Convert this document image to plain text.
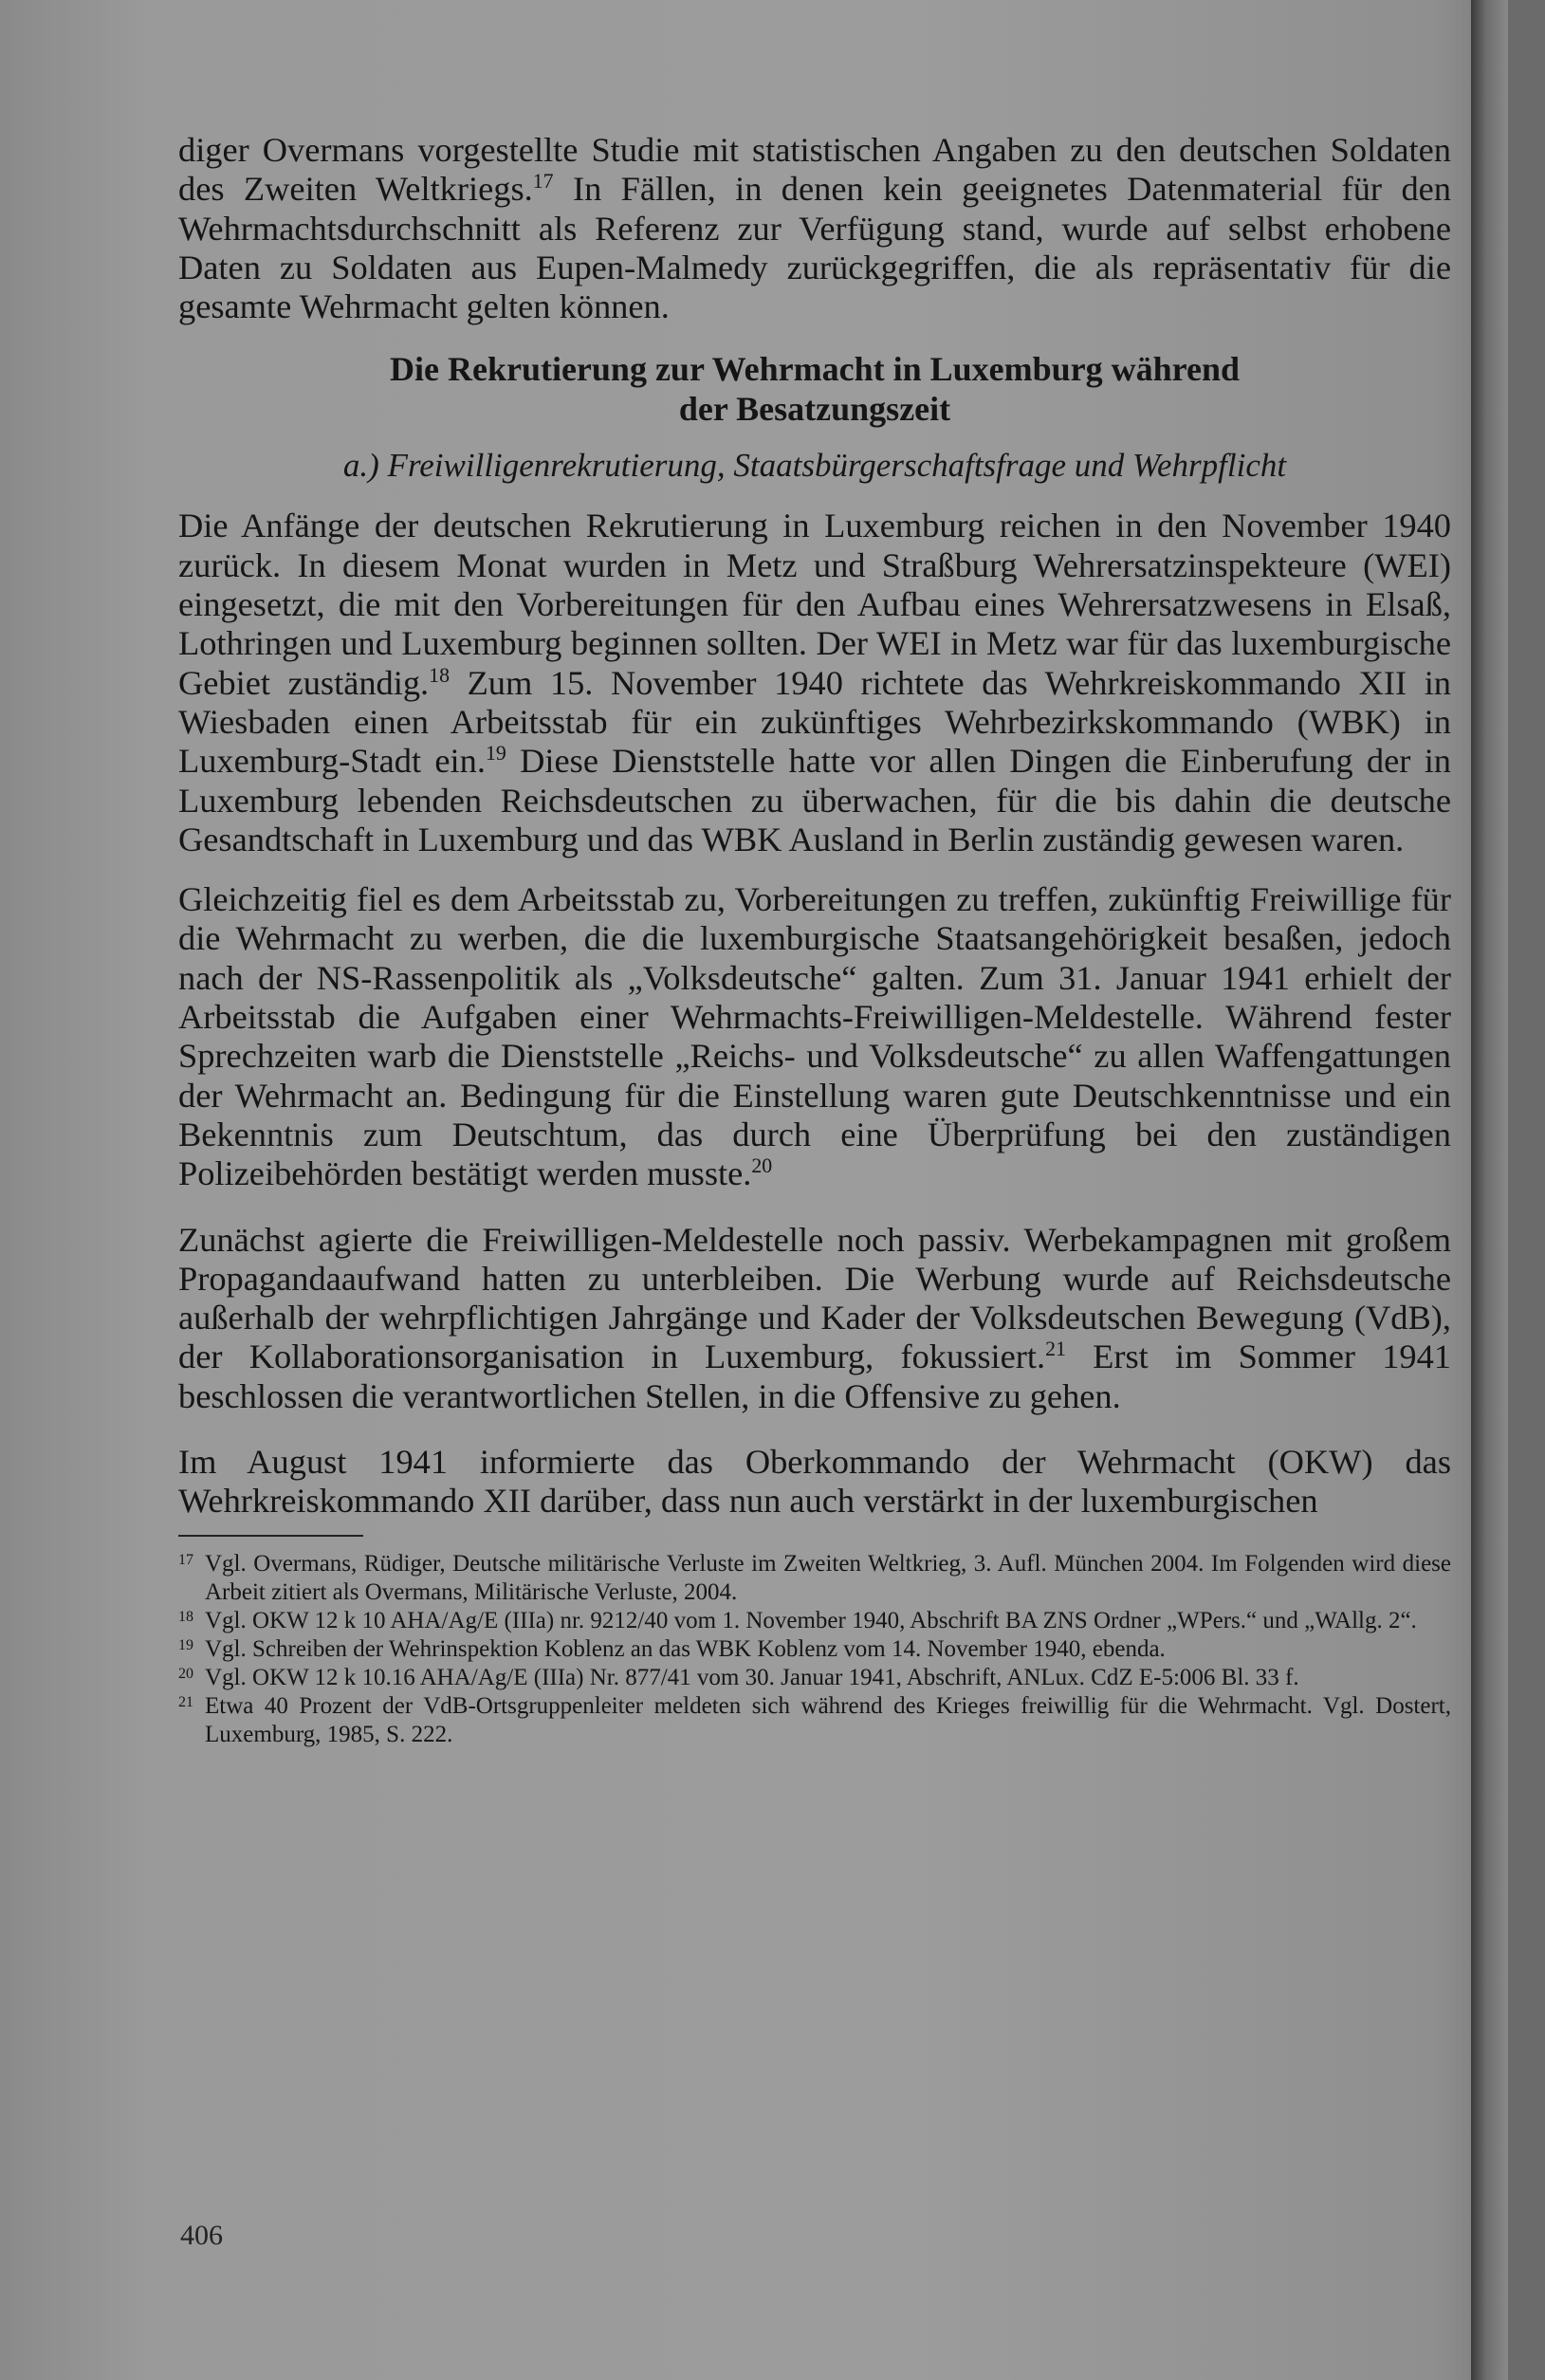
diger Overmans vorgestellte Studie mit statistischen Angaben zu den deutschen Soldaten des Zweiten Weltkriegs.$^{17}$ In Fällen, in denen kein geeignetes Datenmaterial für den Wehrmachtsdurchschnitt als Referenz zur Verfügung stand, wurde auf selbst erhobene Daten zu Soldaten aus Eupen-Malmedy zurückgegriffen, die als repräsentativ für die gesamte Wehrmacht gelten können.

Die Rekrutierung zur Wehrmacht in Luxemburg während
der Besatzungszeit
a.) Freiwilligenrekrutierung, Staatsbürgerschaftsfrage und Wehrpflicht

Die Anfänge der deutschen Rekrutierung in Luxemburg reichen in den November 1940 zurück. In diesem Monat wurden in Metz und Straßburg Wehrersatzinspekteure (WEI) eingesetzt, die mit den Vorbereitungen für den Aufbau eines Wehrersatzwesens in Elsaß, Lothringen und Luxemburg beginnen sollten. Der WEI in Metz war für das luxemburgische Gebiet zuständig.$^{18}$ Zum 15. November 1940 richtete das Wehrkreiskommando XII in Wiesbaden einen Arbeitsstab für ein zukünftiges Wehrbezirkskommando (WBK) in Luxemburg-Stadt ein.$^{19}$ Diese Dienststelle hatte vor allen Dingen die Einberufung der in Luxemburg lebenden Reichsdeutschen zu überwachen, für die bis dahin die deutsche Gesandtschaft in Luxemburg und das WBK Ausland in Berlin zuständig gewesen waren.

Gleichzeitig fiel es dem Arbeitsstab zu, Vorbereitungen zu treffen, zukünftig Freiwillige für die Wehrmacht zu werben, die die luxemburgische Staatsangehörigkeit besaßen, jedoch nach der NS-Rassenpolitik als „Volksdeutsche“ galten. Zum 31. Januar 1941 erhielt der Arbeitsstab die Aufgaben einer Wehrmachts-Freiwilligen-Meldestelle. Während fester Sprechzeiten warb die Dienststelle „Reichs- und Volksdeutsche“ zu allen Waffengattungen der Wehrmacht an. Bedingung für die Einstellung waren gute Deutschkenntnisse und ein Bekenntnis zum Deutschtum, das durch eine Überprüfung bei den zuständigen Polizeibehörden bestätigt werden musste.$^{20}$

Zunächst agierte die Freiwilligen-Meldestelle noch passiv. Werbekampagnen mit großem Propagandaaufwand hatten zu unterbleiben. Die Werbung wurde auf Reichsdeutsche außerhalb der wehrpflichtigen Jahrgänge und Kader der Volksdeutschen Bewegung (VdB), der Kollaborationsorganisation in Luxemburg, fokussiert.$^{21}$ Erst im Sommer 1941 beschlossen die verantwortlichen Stellen, in die Offensive zu gehen.

Im August 1941 informierte das Oberkommando der Wehrmacht (OKW) das Wehrkreiskommando XII darüber, dass nun auch verstärkt in der luxemburgischen

17 Vgl. Overmans, Rüdiger, Deutsche militärische Verluste im Zweiten Weltkrieg, 3. Aufl. München 2004. Im Folgenden wird diese Arbeit zitiert als Overmans, Militärische Verluste, 2004.

18 Vgl. OKW 12 k 10 AHA/Ag/E (IIIa) nr. 9212/40 vom 1. November 1940, Abschrift BA ZNS Ordner „WPers.“ und „WAllg. 2“.

19 Vgl. Schreiben der Wehrinspektion Koblenz an das WBK Koblenz vom 14. November 1940, ebenda.

20 Vgl. OKW 12 k 10.16 AHA/Ag/E (IIIa) Nr. 877/41 vom 30. Januar 1941, Abschrift, ANLux. CdZ E-5:006 Bl. 33 f.

21 Etwa 40 Prozent der VdB-Ortsgruppenleiter meldeten sich während des Krieges freiwillig für die Wehrmacht. Vgl. Dostert, Luxemburg, 1985, S. 222.

406
